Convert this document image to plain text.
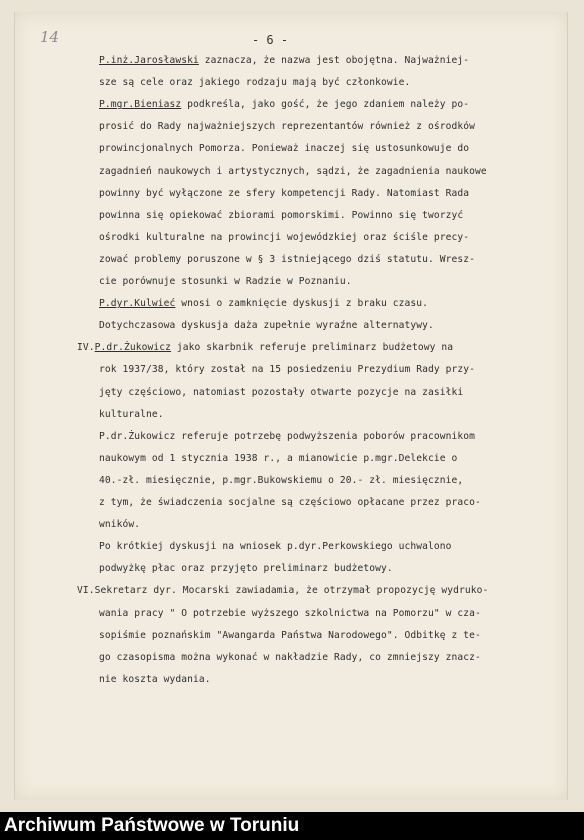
14	- 6 -
P.inż.Jarosławski zaznacza, że nazwa jest obojętna. Najważniej-
sze są cele oraz jakiego rodzaju mają być członkowie.
P.mgr.Bieniasz podkreśla, jako gość, że jego zdaniem należy po-
prosić do Rady najważniejszych reprezentantów również z ośrodków
prowincjonalnych Pomorza. Ponieważ inaczej się ustosunkowuje do
zagadnień naukowych i artystycznych, sądzi, że zagadnienia naukowe
powinny być wyłączone ze sfery kompetencji Rady. Natomiast Rada
powinna się opiekować zbiorami pomorskimi. Powinno się tworzyć
ośrodki kulturalne na prowincji wojewódzkiej oraz ściśle precy-
zować problemy poruszone w § 3 istniejącego dziś statutu. Wresz-
cie porównuje stosunki w Radzie w Poznaniu.
P.dyr.Kulwieć wnosi o zamknięcie dyskusji z braku czasu.
Dotychczasowa dyskusja daża zupełnie wyraźne alternatywy.
IV.P.dr.Żukowicz jako skarbnik referuje preliminarz budżetowy na
rok 1937/38, który został na 15 posiedzeniu Prezydium Rady przy-
jęty częściowo, natomiast pozostały otwarte pozycje na zasiłki
kulturalne.
P.dr.Żukowicz referuje potrzebę podwyższenia poborów pracownikom
naukowym od 1 stycznia 1938 r., a mianowicie p.mgr.Delekcie o
40.-zł. miesięcznie, p.mgr.Bukowskiemu o 20.- zł. miesięcznie,
z tym, że świadczenia socjalne są częściowo opłacane przez praco-
wników.
Po krótkiej dyskusji na wniosek p.dyr.Perkowskiego uchwalono
podwyżkę płac oraz przyjęto preliminarz budżetowy.
VI.Sekretarz dyr. Mocarski zawiadamia, że otrzymał propozycję wydruko-
wania pracy " O potrzebie wyższego szkolnictwa na Pomorzu" w cza-
sopiśmie poznańskim "Awangarda Państwa Narodowego". Odbitkę z te-
go czasopisma można wykonać w nakładzie Rady, co zmniejszy znacz-
nie koszta wydania.
Archiwum Państwowe w Toruniu
